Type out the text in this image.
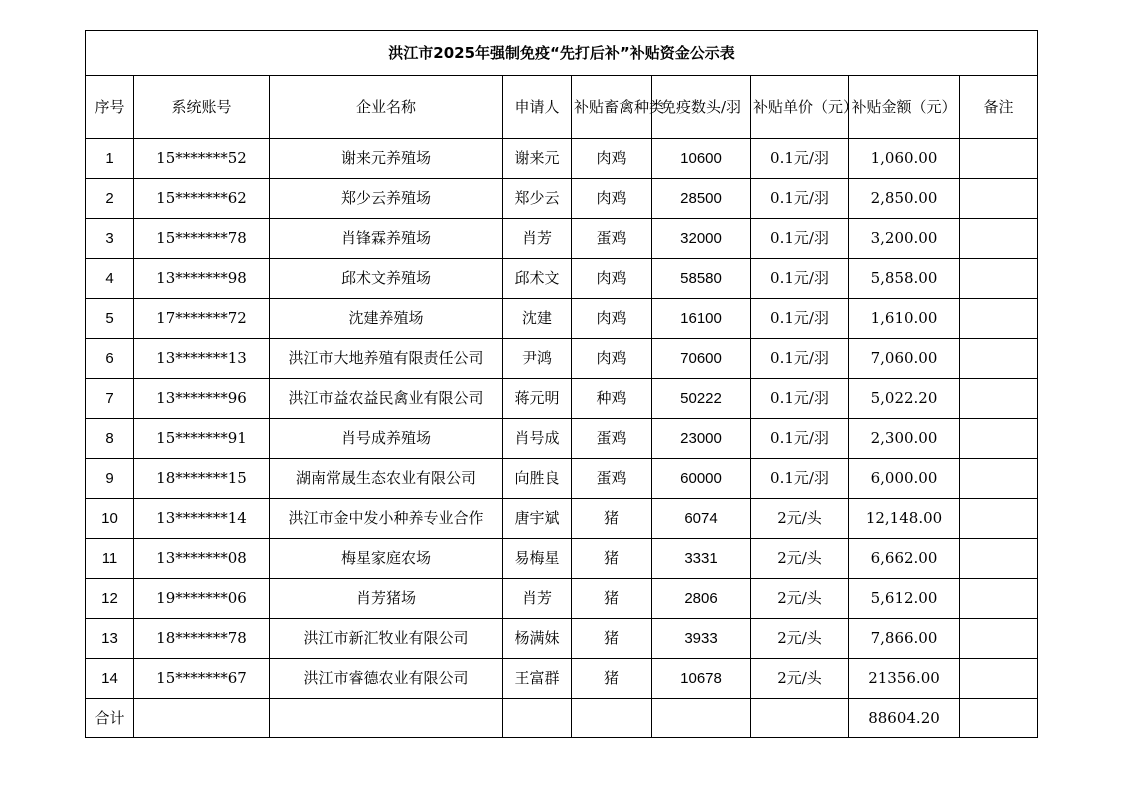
洪江市2025年强制免疫“先打后补”补贴资金公示表								
序号	系统账号	企业名称	申请人	补贴畜禽种类	免疫数头/羽	补贴单价（元）	补贴金额（元）	备注
1	15*******52	谢来元养殖场	谢来元	肉鸡	10600	0.1元/羽	1,060.00	
2	15*******62	郑少云养殖场	郑少云	肉鸡	28500	0.1元/羽	2,850.00	
3	15*******78	肖锋霖养殖场	肖芳	蛋鸡	32000	0.1元/羽	3,200.00	
4	13*******98	邱术文养殖场	邱术文	肉鸡	58580	0.1元/羽	5,858.00	
5	17*******72	沈建养殖场	沈建	肉鸡	16100	0.1元/羽	1,610.00	
6	13*******13	洪江市大地养殖有限责任公司	尹鸿	肉鸡	70600	0.1元/羽	7,060.00	
7	13*******96	洪江市益农益民禽业有限公司	蒋元明	种鸡	50222	0.1元/羽	5,022.20	
8	15*******91	肖号成养殖场	肖号成	蛋鸡	23000	0.1元/羽	2,300.00	
9	18*******15	湖南常晟生态农业有限公司	向胜良	蛋鸡	60000	0.1元/羽	6,000.00	
10	13*******14	洪江市金中发小种养专业合作	唐宇斌	猪	6074	2元/头	12,148.00	
11	13*******08	梅星家庭农场	易梅星	猪	3331	2元/头	6,662.00	
12	19*******06	肖芳猪场	肖芳	猪	2806	2元/头	5,612.00	
13	18*******78	洪江市新汇牧业有限公司	杨满妹	猪	3933	2元/头	7,866.00	
14	15*******67	洪江市睿德农业有限公司	王富群	猪	10678	2元/头	21356.00	
合计							88604.20	
